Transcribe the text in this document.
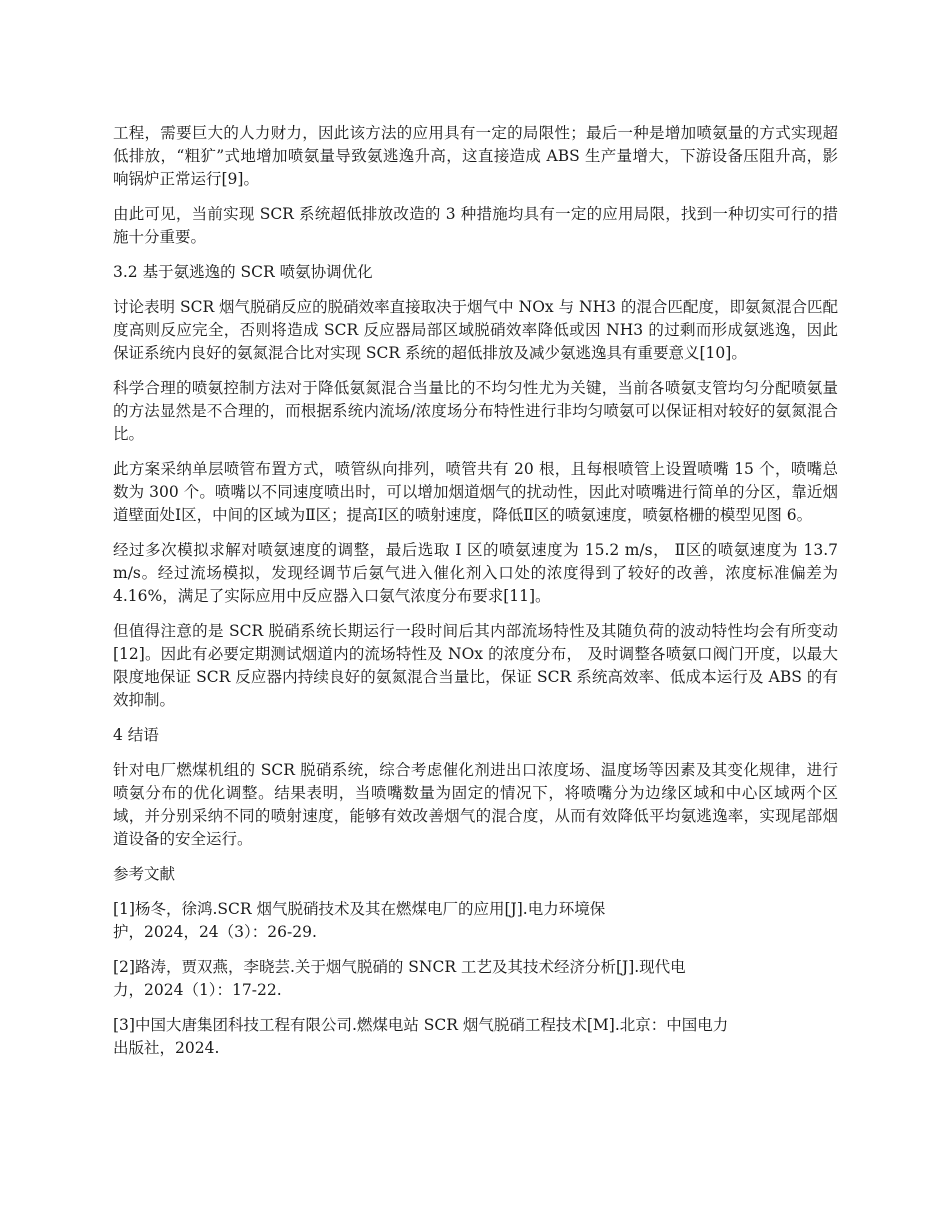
工程，需要巨大的人力财力，因此该方法的应用具有一定的局限性；最后一种是增加喷氨量的方式实现超低排放，“粗犷”式地增加喷氨量导致氨逃逸升高，这直接造成 ABS 生产量增大，下游设备压阻升高，影响锅炉正常运行[9]。

由此可见，当前实现 SCR 系统超低排放改造的 3 种措施均具有一定的应用局限，找到一种切实可行的措施十分重要。

3.2 基于氨逃逸的 SCR 喷氨协调优化

讨论表明 SCR 烟气脱硝反应的脱硝效率直接取决于烟气中 NOx 与 NH3 的混合匹配度，即氨氮混合匹配度高则反应完全，否则将造成 SCR 反应器局部区域脱硝效率降低或因 NH3 的过剩而形成氨逃逸，因此保证系统内良好的氨氮混合比对实现 SCR 系统的超低排放及减少氨逃逸具有重要意义[10]。

科学合理的喷氨控制方法对于降低氨氮混合当量比的不均匀性尤为关键，当前各喷氨支管均匀分配喷氨量的方法显然是不合理的，而根据系统内流场/浓度场分布特性进行非均匀喷氨可以保证相对较好的氨氮混合比。

此方案采纳单层喷管布置方式，喷管纵向排列，喷管共有 20 根，且每根喷管上设置喷嘴 15 个，喷嘴总数为 300 个。喷嘴以不同速度喷出时，可以增加烟道烟气的扰动性，因此对喷嘴进行简单的分区，靠近烟道壁面处Ⅰ区，中间的区域为Ⅱ区；提高Ⅰ区的喷射速度，降低Ⅱ区的喷氨速度，喷氨格栅的模型见图 6。

经过多次模拟求解对喷氨速度的调整，最后选取 I 区的喷氨速度为 15.2 m/s， Ⅱ区的喷氨速度为 13.7 m/s。经过流场模拟，发现经调节后氨气进入催化剂入口处的浓度得到了较好的改善，浓度标准偏差为 4.16%，满足了实际应用中反应器入口氨气浓度分布要求[11]。

但值得注意的是 SCR 脱硝系统长期运行一段时间后其内部流场特性及其随负荷的波动特性均会有所变动[12]。因此有必要定期测试烟道内的流场特性及 NOx 的浓度分布， 及时调整各喷氨口阀门开度，以最大限度地保证 SCR 反应器内持续良好的氨氮混合当量比，保证 SCR 系统高效率、低成本运行及 ABS 的有效抑制。

4 结语

针对电厂燃煤机组的 SCR 脱硝系统，综合考虑催化剂进出口浓度场、温度场等因素及其变化规律，进行喷氨分布的优化调整。结果表明，当喷嘴数量为固定的情况下，将喷嘴分为边缘区域和中心区域两个区域，并分别采纳不同的喷射速度，能够有效改善烟气的混合度，从而有效降低平均氨逃逸率，实现尾部烟道设备的安全运行。

参考文献
[1]杨冬，徐鸿.SCR 烟气脱硝技术及其在燃煤电厂的应用[J].电力环境保
护，2024，24（3）：26-29.
[2]路涛，贾双燕，李晓芸.关于烟气脱硝的 SNCR 工艺及其技术经济分析[J].现代电
力，2024（1）：17-22.
[3]中国大唐集团科技工程有限公司.燃煤电站 SCR 烟气脱硝工程技术[M].北京：中国电力
出版社，2024.
